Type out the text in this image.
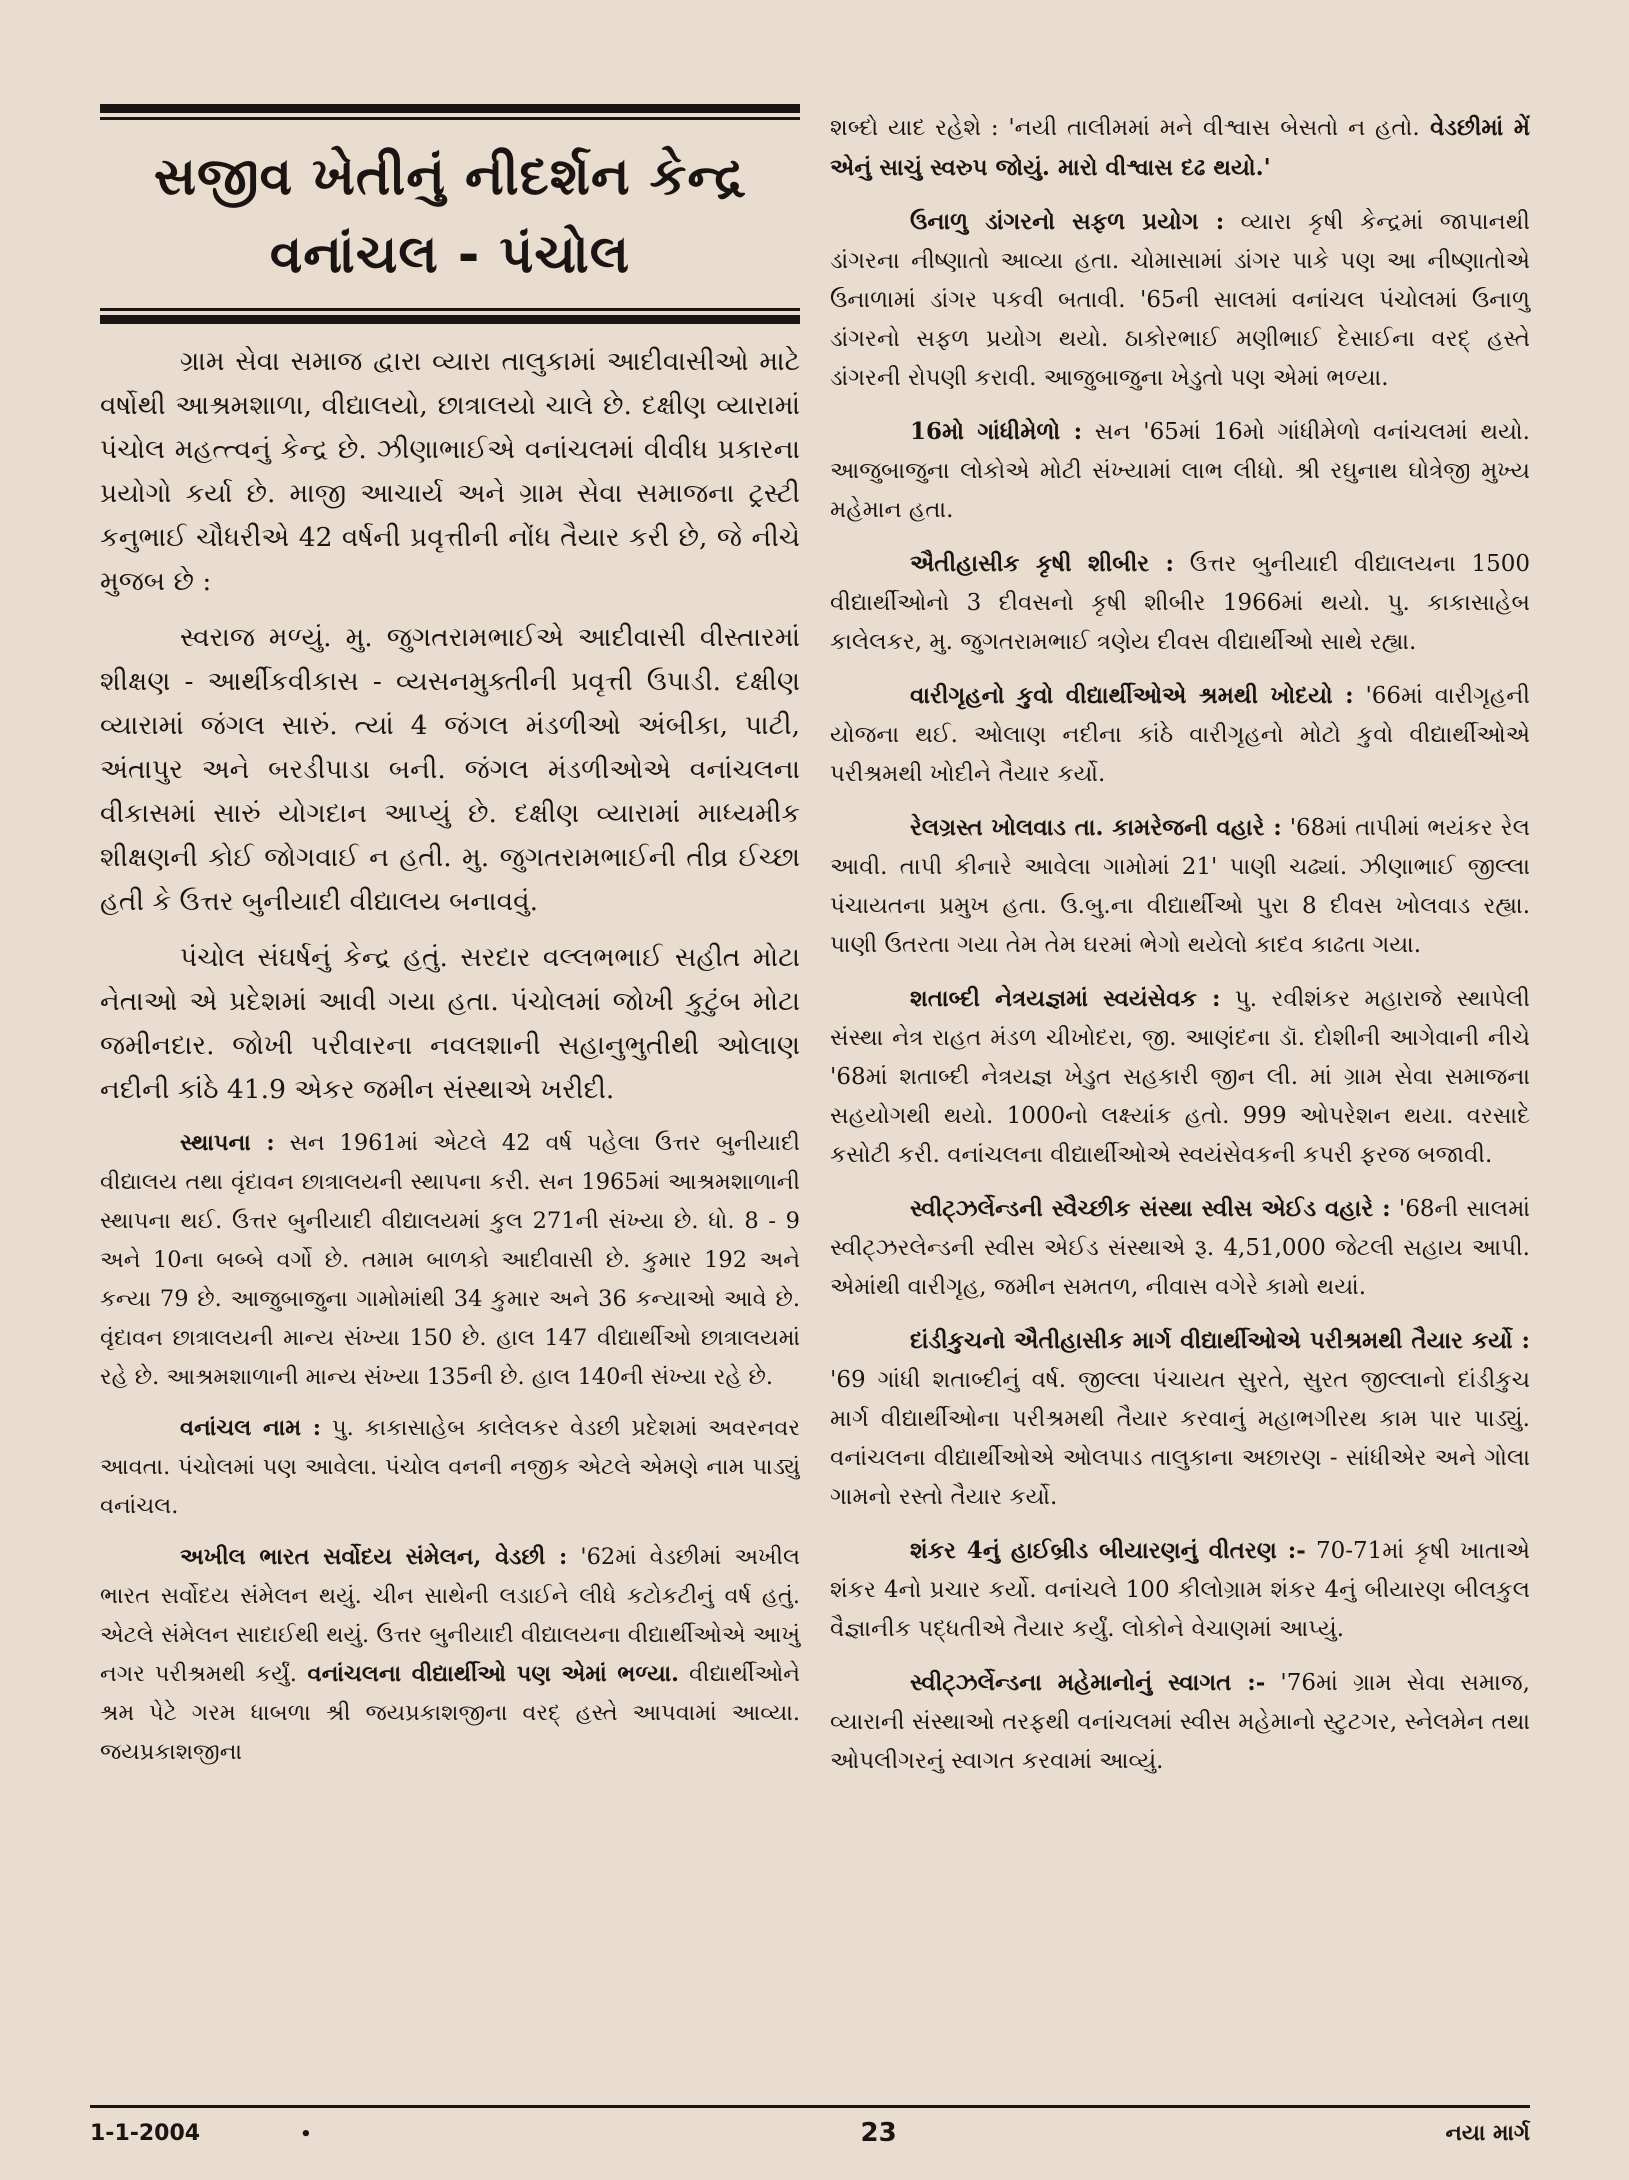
સજીવ ખેતીનું નીદર્શન કેન્દ્ર
વનાંચલ - પંચોલ

ગ્રામ સેવા સમાજ દ્વારા વ્યારા તાલુકામાં આદીવાસીઓ માટે વર્ષોથી આશ્રમશાળા, વીદ્યાલયો, છાત્રાલયો ચાલે છે. દક્ષીણ વ્યારામાં પંચોલ મહત્ત્વનું કેન્દ્ર છે. ઝીણાભાઈએ વનાંચલમાં વીવીધ પ્રકારના પ્રયોગો કર્યા છે. માજી આચાર્ય અને ગ્રામ સેવા સમાજના ટ્રસ્ટી કનુભાઈ ચૌધરીએ 42 વર્ષની પ્રવૃત્તીની નોંધ તૈયાર કરી છે, જે નીચે મુજબ છે :

સ્વરાજ મળ્યું. મુ. જુગતરામભાઈએ આદીવાસી વીસ્તારમાં શીક્ષણ - આર્થીકવીકાસ - વ્યસનમુક્તીની પ્રવૃત્તી ઉપાડી. દક્ષીણ વ્યારામાં જંગલ સારું. ત્યાં 4 જંગલ મંડળીઓ અંબીકા, પાટી, અંતાપુર અને બરડીપાડા બની. જંગલ મંડળીઓએ વનાંચલના વીકાસમાં સારું યોગદાન આપ્યું છે. દક્ષીણ વ્યારામાં માધ્યમીક શીક્ષણની કોઈ જોગવાઈ ન હતી. મુ. જુગતરામભાઈની તીવ્ર ઈચ્છા હતી કે ઉત્તર બુનીયાદી વીદ્યાલય બનાવવું.

પંચોલ સંઘર્ષનું કેન્દ્ર હતું. સરદાર વલ્લભભાઈ સહીત મોટા નેતાઓ એ પ્રદેશમાં આવી ગયા હતા. પંચોલમાં જોખી કુટુંબ મોટા જમીનદાર. જોખી પરીવારના નવલશાની સહાનુભુતીથી ઓલાણ નદીની કાંઠે 41.9 એકર જમીન સંસ્થાએ ખરીદી.

સ્થાપના : સન 1961માં એટલે 42 વર્ષ પહેલા ઉત્તર બુનીયાદી વીદ્યાલય તથા વૃંદાવન છાત્રાલયની સ્થાપના કરી. સન 1965માં આશ્રમશાળાની સ્થાપના થઈ. ઉત્તર બુનીયાદી વીદ્યાલયમાં કુલ 271ની સંખ્યા છે. ધો. 8 - 9 અને 10ના બબ્બે વર્ગો છે. તમામ બાળકો આદીવાસી છે. કુમાર 192 અને કન્યા 79 છે. આજુબાજુના ગામોમાંથી 34 કુમાર અને 36 કન્યાઓ આવે છે. વૃંદાવન છાત્રાલયની માન્ય સંખ્યા 150 છે. હાલ 147 વીદ્યાર્થીઓ છાત્રાલયમાં રહે છે. આશ્રમશાળાની માન્ય સંખ્યા 135ની છે. હાલ 140ની સંખ્યા રહે છે.

વનાંચલ નામ : પુ. કાકાસાહેબ કાલેલકર વેડછી પ્રદેશમાં અવરનવર આવતા. પંચોલમાં પણ આવેલા. પંચોલ વનની નજીક એટલે એમણે નામ પાડ્યું વનાંચલ.

અખીલ ભારત સર્વોદય સંમેલન, વેડછી : '62માં વેડછીમાં અખીલ ભારત સર્વોદય સંમેલન થયું. ચીન સાથેની લડાઈને લીધે કટોકટીનું વર્ષ હતું. એટલે સંમેલન સાદાઈથી થયું. ઉત્તર બુનીયાદી વીદ્યાલયના વીદ્યાર્થીઓએ આખું નગર પરીશ્રમથી કર્યું. વનાંચલના વીદ્યાર્થીઓ પણ એમાં ભળ્યા. વીદ્યાર્થીઓને શ્રમ પેટે ગરમ ધાબળા શ્રી જયપ્રકાશજીના વરદ્ હસ્તે આપવામાં આવ્યા. જયપ્રકાશજીના

શબ્દો યાદ રહેશે : 'નયી તાલીમમાં મને વીશ્વાસ બેસતો ન હતો. વેડછીમાં મેં એનું સાચું સ્વરુપ જોયું. મારો વીશ્વાસ દઢ થયો.'

ઉનાળુ ડાંગરનો સફળ પ્રયોગ : વ્યારા કૃષી કેન્દ્રમાં જાપાનથી ડાંગરના નીષ્ણાતો આવ્યા હતા. ચોમાસામાં ડાંગર પાકે પણ આ નીષ્ણાતોએ ઉનાળામાં ડાંગર પકવી બતાવી. '65ની સાલમાં વનાંચલ પંચોલમાં ઉનાળુ ડાંગરનો સફળ પ્રયોગ થયો. ઠાકોરભાઈ મણીભાઈ દેસાઈના વરદ્ હસ્તે ડાંગરની રોપણી કરાવી. આજુબાજુના ખેડુતો પણ એમાં ભળ્યા.

16મો ગાંધીમેળો : સન '65માં 16મો ગાંધીમેળો વનાંચલમાં થયો. આજુબાજુના લોકોએ મોટી સંખ્યામાં લાભ લીધો. શ્રી રઘુનાથ ઘોત્રેજી મુખ્ય મહેમાન હતા.

ઐતીહાસીક કૃષી શીબીર : ઉત્તર બુનીયાદી વીદ્યાલયના 1500 વીદ્યાર્થીઓનો 3 દીવસનો કૃષી શીબીર 1966માં થયો. પુ. કાકાસાહેબ કાલેલકર, મુ. જુગતરામભાઈ ત્રણેય દીવસ વીદ્યાર્થીઓ સાથે રહ્યા.

વારીગૃહનો કુવો વીદ્યાર્થીઓએ શ્રમથી ખોદયો : '66માં વારીગૃહની યોજના થઈ. ઓલાણ નદીના કાંઠે વારીગૃહનો મોટો કુવો વીદ્યાર્થીઓએ પરીશ્રમથી ખોદીને તૈયાર કર્યો.

રેલગ્રસ્ત ખોલવાડ તા. કામરેજની વહારે : '68માં તાપીમાં ભયંકર રેલ આવી. તાપી કીનારે આવેલા ગામોમાં 21' પાણી ચઢ્યાં. ઝીણાભાઈ જીલ્લા પંચાયતના પ્રમુખ હતા. ઉ.બુ.ના વીદ્યાર્થીઓ પુરા 8 દીવસ ખોલવાડ રહ્યા. પાણી ઉતરતા ગયા તેમ તેમ ઘરમાં ભેગો થયેલો કાદવ કાઢતા ગયા.

શતાબ્દી નેત્રયજ્ઞમાં સ્વયંસેવક : પુ. રવીશંકર મહારાજે સ્થાપેલી સંસ્થા નેત્ર રાહત મંડળ ચીખોદરા, જી. આણંદના ડૉ. દોશીની આગેવાની નીચે '68માં શતાબ્દી નેત્રયજ્ઞ ખેડુત સહકારી જીન લી. માં ગ્રામ સેવા સમાજના સહયોગથી થયો. 1000નો લક્ષ્યાંક હતો. 999 ઓપરેશન થયા. વરસાદે કસોટી કરી. વનાંચલના વીદ્યાર્થીઓએ સ્વયંસેવકની કપરી ફરજ બજાવી.

સ્વીટ્ઝર્લેન્ડની સ્વૈચ્છીક સંસ્થા સ્વીસ એઈડ વહારે : '68ની સાલમાં સ્વીટ્ઝરલેન્ડની સ્વીસ એઈડ સંસ્થાએ રૂ. 4,51,000 જેટલી સહાય આપી. એમાંથી વારીગૃહ, જમીન સમતળ, નીવાસ વગેરે કામો થયાં.

દાંડીકુચનો ઐતીહાસીક માર્ગ વીદ્યાર્થીઓએ પરીશ્રમથી તૈયાર કર્યો : '69 ગાંધી શતાબ્દીનું વર્ષ. જીલ્લા પંચાયત સુરતે, સુરત જીલ્લાનો દાંડીકુચ માર્ગ વીદ્યાર્થીઓના પરીશ્રમથી તૈયાર કરવાનું મહાભગીરથ કામ પાર પાડ્યું. વનાંચલના વીદ્યાર્થીઓએ ઓલપાડ તાલુકાના અછારણ - સાંધીએર અને ગોલા ગામનો રસ્તો તૈયાર કર્યો.

શંકર 4નું હાઈબ્રીડ બીયારણનું વીતરણ :- 70-71માં કૃષી ખાતાએ શંકર 4નો પ્રચાર કર્યો. વનાંચલે 100 કીલોગ્રામ શંકર 4નું બીયારણ બીલકુલ વૈજ્ઞાનીક પદ્ધતીએ તૈયાર કર્યું. લોકોને વેચાણમાં આપ્યું.

સ્વીટ્ઝર્લેન્ડના મહેમાનોનું સ્વાગત :- '76માં ગ્રામ સેવા સમાજ, વ્યારાની સંસ્થાઓ તરફથી વનાંચલમાં સ્વીસ મહેમાનો સ્ટુટગર, સ્નેલમેન તથા ઓપલીગરનું સ્વાગત કરવામાં આવ્યું.

1-1-2004	•	23	નયા માર્ગ
